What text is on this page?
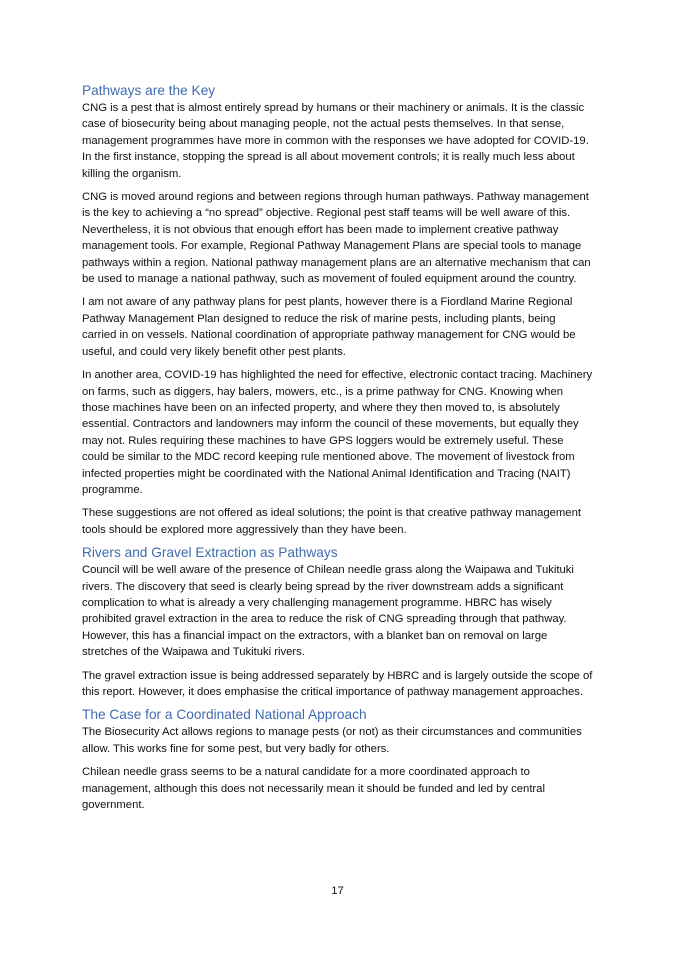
Pathways are the Key

CNG is a pest that is almost entirely spread by humans or their machinery or animals. It is the classic case of biosecurity being about managing people, not the actual pests themselves. In that sense, management programmes have more in common with the responses we have adopted for COVID-19. In the first instance, stopping the spread is all about movement controls; it is really much less about killing the organism.

CNG is moved around regions and between regions through human pathways. Pathway management is the key to achieving a “no spread” objective. Regional pest staff teams will be well aware of this. Nevertheless, it is not obvious that enough effort has been made to implement creative pathway management tools. For example, Regional Pathway Management Plans are special tools to manage pathways within a region. National pathway management plans are an alternative mechanism that can be used to manage a national pathway, such as movement of fouled equipment around the country.

I am not aware of any pathway plans for pest plants, however there is a Fiordland Marine Regional Pathway Management Plan designed to reduce the risk of marine pests, including plants, being carried in on vessels. National coordination of appropriate pathway management for CNG would be useful, and could very likely benefit other pest plants.

In another area, COVID-19 has highlighted the need for effective, electronic contact tracing. Machinery on farms, such as diggers, hay balers, mowers, etc., is a prime pathway for CNG. Knowing when those machines have been on an infected property, and where they then moved to, is absolutely essential. Contractors and landowners may inform the council of these movements, but equally they may not. Rules requiring these machines to have GPS loggers would be extremely useful. These could be similar to the MDC record keeping rule mentioned above. The movement of livestock from infected properties might be coordinated with the National Animal Identification and Tracing (NAIT) programme.

These suggestions are not offered as ideal solutions; the point is that creative pathway management tools should be explored more aggressively than they have been.

Rivers and Gravel Extraction as Pathways

Council will be well aware of the presence of Chilean needle grass along the Waipawa and Tukituki rivers. The discovery that seed is clearly being spread by the river downstream adds a significant complication to what is already a very challenging management programme. HBRC has wisely prohibited gravel extraction in the area to reduce the risk of CNG spreading through that pathway. However, this has a financial impact on the extractors, with a blanket ban on removal on large stretches of the Waipawa and Tukituki rivers.

The gravel extraction issue is being addressed separately by HBRC and is largely outside the scope of this report. However, it does emphasise the critical importance of pathway management approaches.

The Case for a Coordinated National Approach

The Biosecurity Act allows regions to manage pests (or not) as their circumstances and communities allow. This works fine for some pest, but very badly for others.

Chilean needle grass seems to be a natural candidate for a more coordinated approach to management, although this does not necessarily mean it should be funded and led by central government.

17
